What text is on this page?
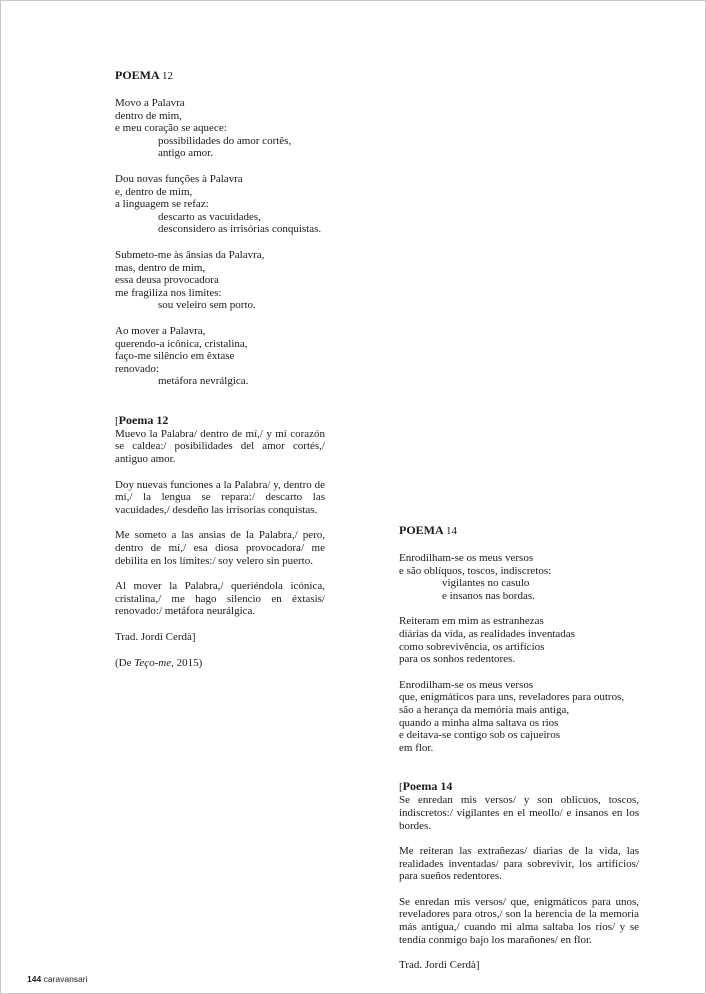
POEMA 12
Movo a Palavra
dentro de mim,
e meu coração se aquece:
possibilidades do amor cortês,
antigo amor.
Dou novas funções à Palavra
e, dentro de mim,
a linguagem se refaz:
descarto as vacuidades,
desconsidero as irrisórias conquistas.
Submeto-me às ânsias da Palavra,
mas, dentro de mim,
essa deusa provocadora
me fragiliza nos limites:
sou veleiro sem porto.
Ao mover a Palavra,
querendo-a icônica, cristalina,
faço-me silêncio em êxtase
renovado:
metáfora nevrálgica.
[Poema 12

Muevo la Palabra/ dentro de mí,/ y mi corazón se caldea:/ posibilidades del amor cortés,/ antiguo amor.

Doy nuevas funciones a la Palabra/ y, dentro de mí,/ la lengua se repara:/ descarto las vacuidades,/ desdeño las irrisorias conquistas.

Me someto a las ansias de la Palabra,/ pero, dentro de mí,/ esa diosa provocadora/ me debilita en los límites:/ soy velero sin puerto.

Al mover la Palabra,/ queriéndola icónica, cristalina,/ me hago silencio en éxtasis/ renovado:/ metáfora neurálgica.

Trad. Jordi Cerdà]
(De Teço-me, 2015)
POEMA 14
Enrodilham-se os meus versos
e são oblíquos, toscos, indiscretos:
vigilantes no casulo
e insanos nas bordas.
Reiteram em mim as estranhezas
diárias da vida, as realidades inventadas
como sobrevivência, os artifícios
para os sonhos redentores.
Enrodilham-se os meus versos
que, enigmáticos para uns, reveladores para outros,
são a herança da memória mais antiga,
quando a minha alma saltava os rios
e deitava-se contigo sob os cajueiros
em flor.
[Poema 14

Se enredan mis versos/ y son oblicuos, toscos, indiscretos:/ vigilantes en el meollo/ e insanos en los bordes.

Me reiteran las extrañezas/ diarias de la vida, las realidades inventadas/ para sobrevivir, los artificios/ para sueños redentores.

Se enredan mis versos/ que, enigmáticos para unos, reveladores para otros,/ son la herencia de la memoria más antigua,/ cuando mi alma saltaba los ríos/ y se tendía conmigo bajo los marañones/ en flor.

Trad. Jordi Cerdà]
144 caravansari
